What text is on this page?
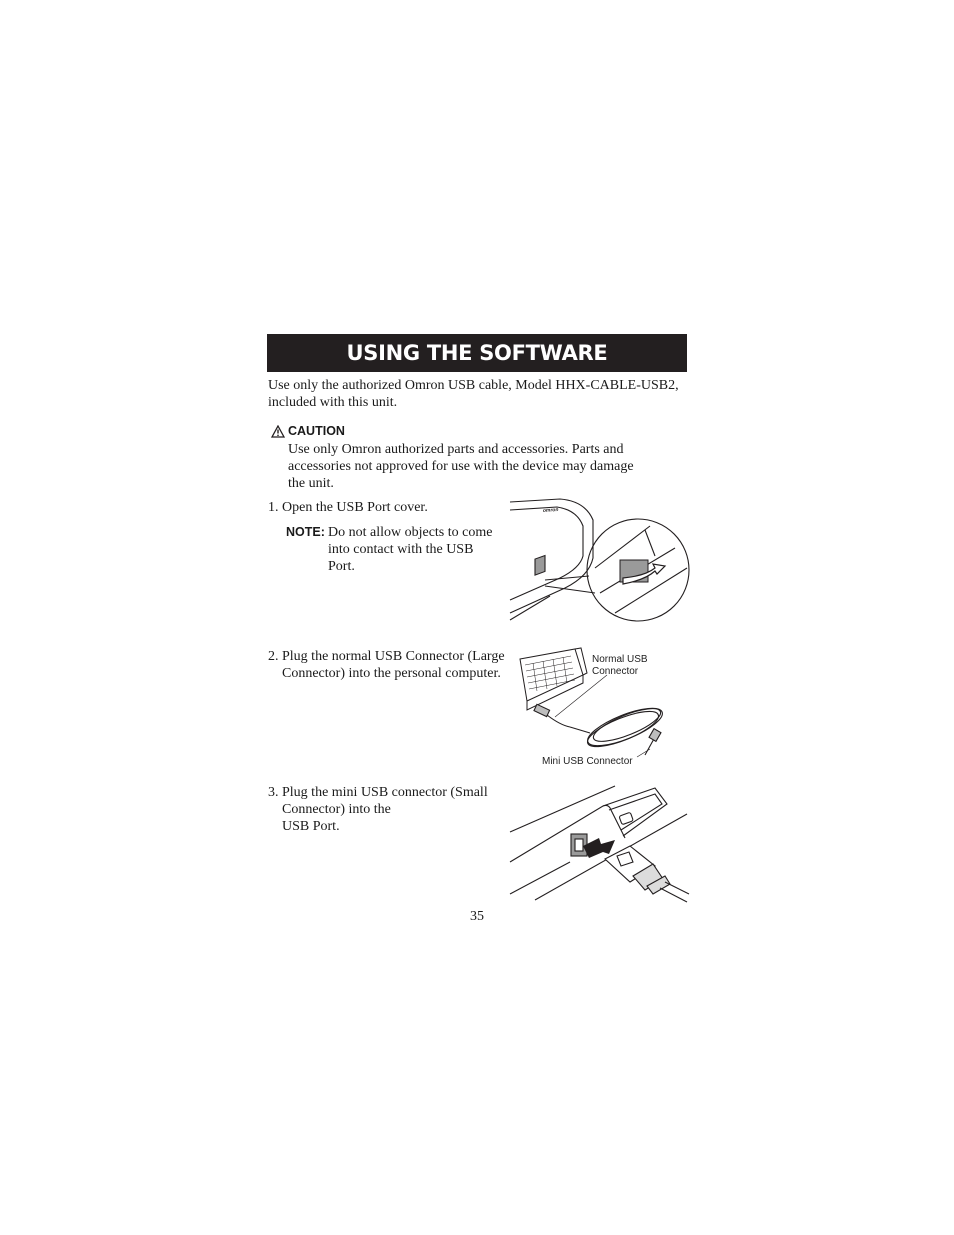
USING THE SOFTWARE
Use only the authorized Omron USB cable, Model HHX-CABLE-USB2,
included with this unit.
CAUTION
Use only Omron authorized parts and accessories. Parts and
accessories not approved for use with the device may damage
the unit.
1. Open the USB Port cover.
NOTE: Do not allow objects to come
into contact with the USB
Port.
omron
2. Plug the normal USB Connector (Large
Connector) into the personal computer.
Normal USB
Connector
Mini USB Connector
3. Plug the mini USB connector (Small
Connector) into the
USB Port.
35
